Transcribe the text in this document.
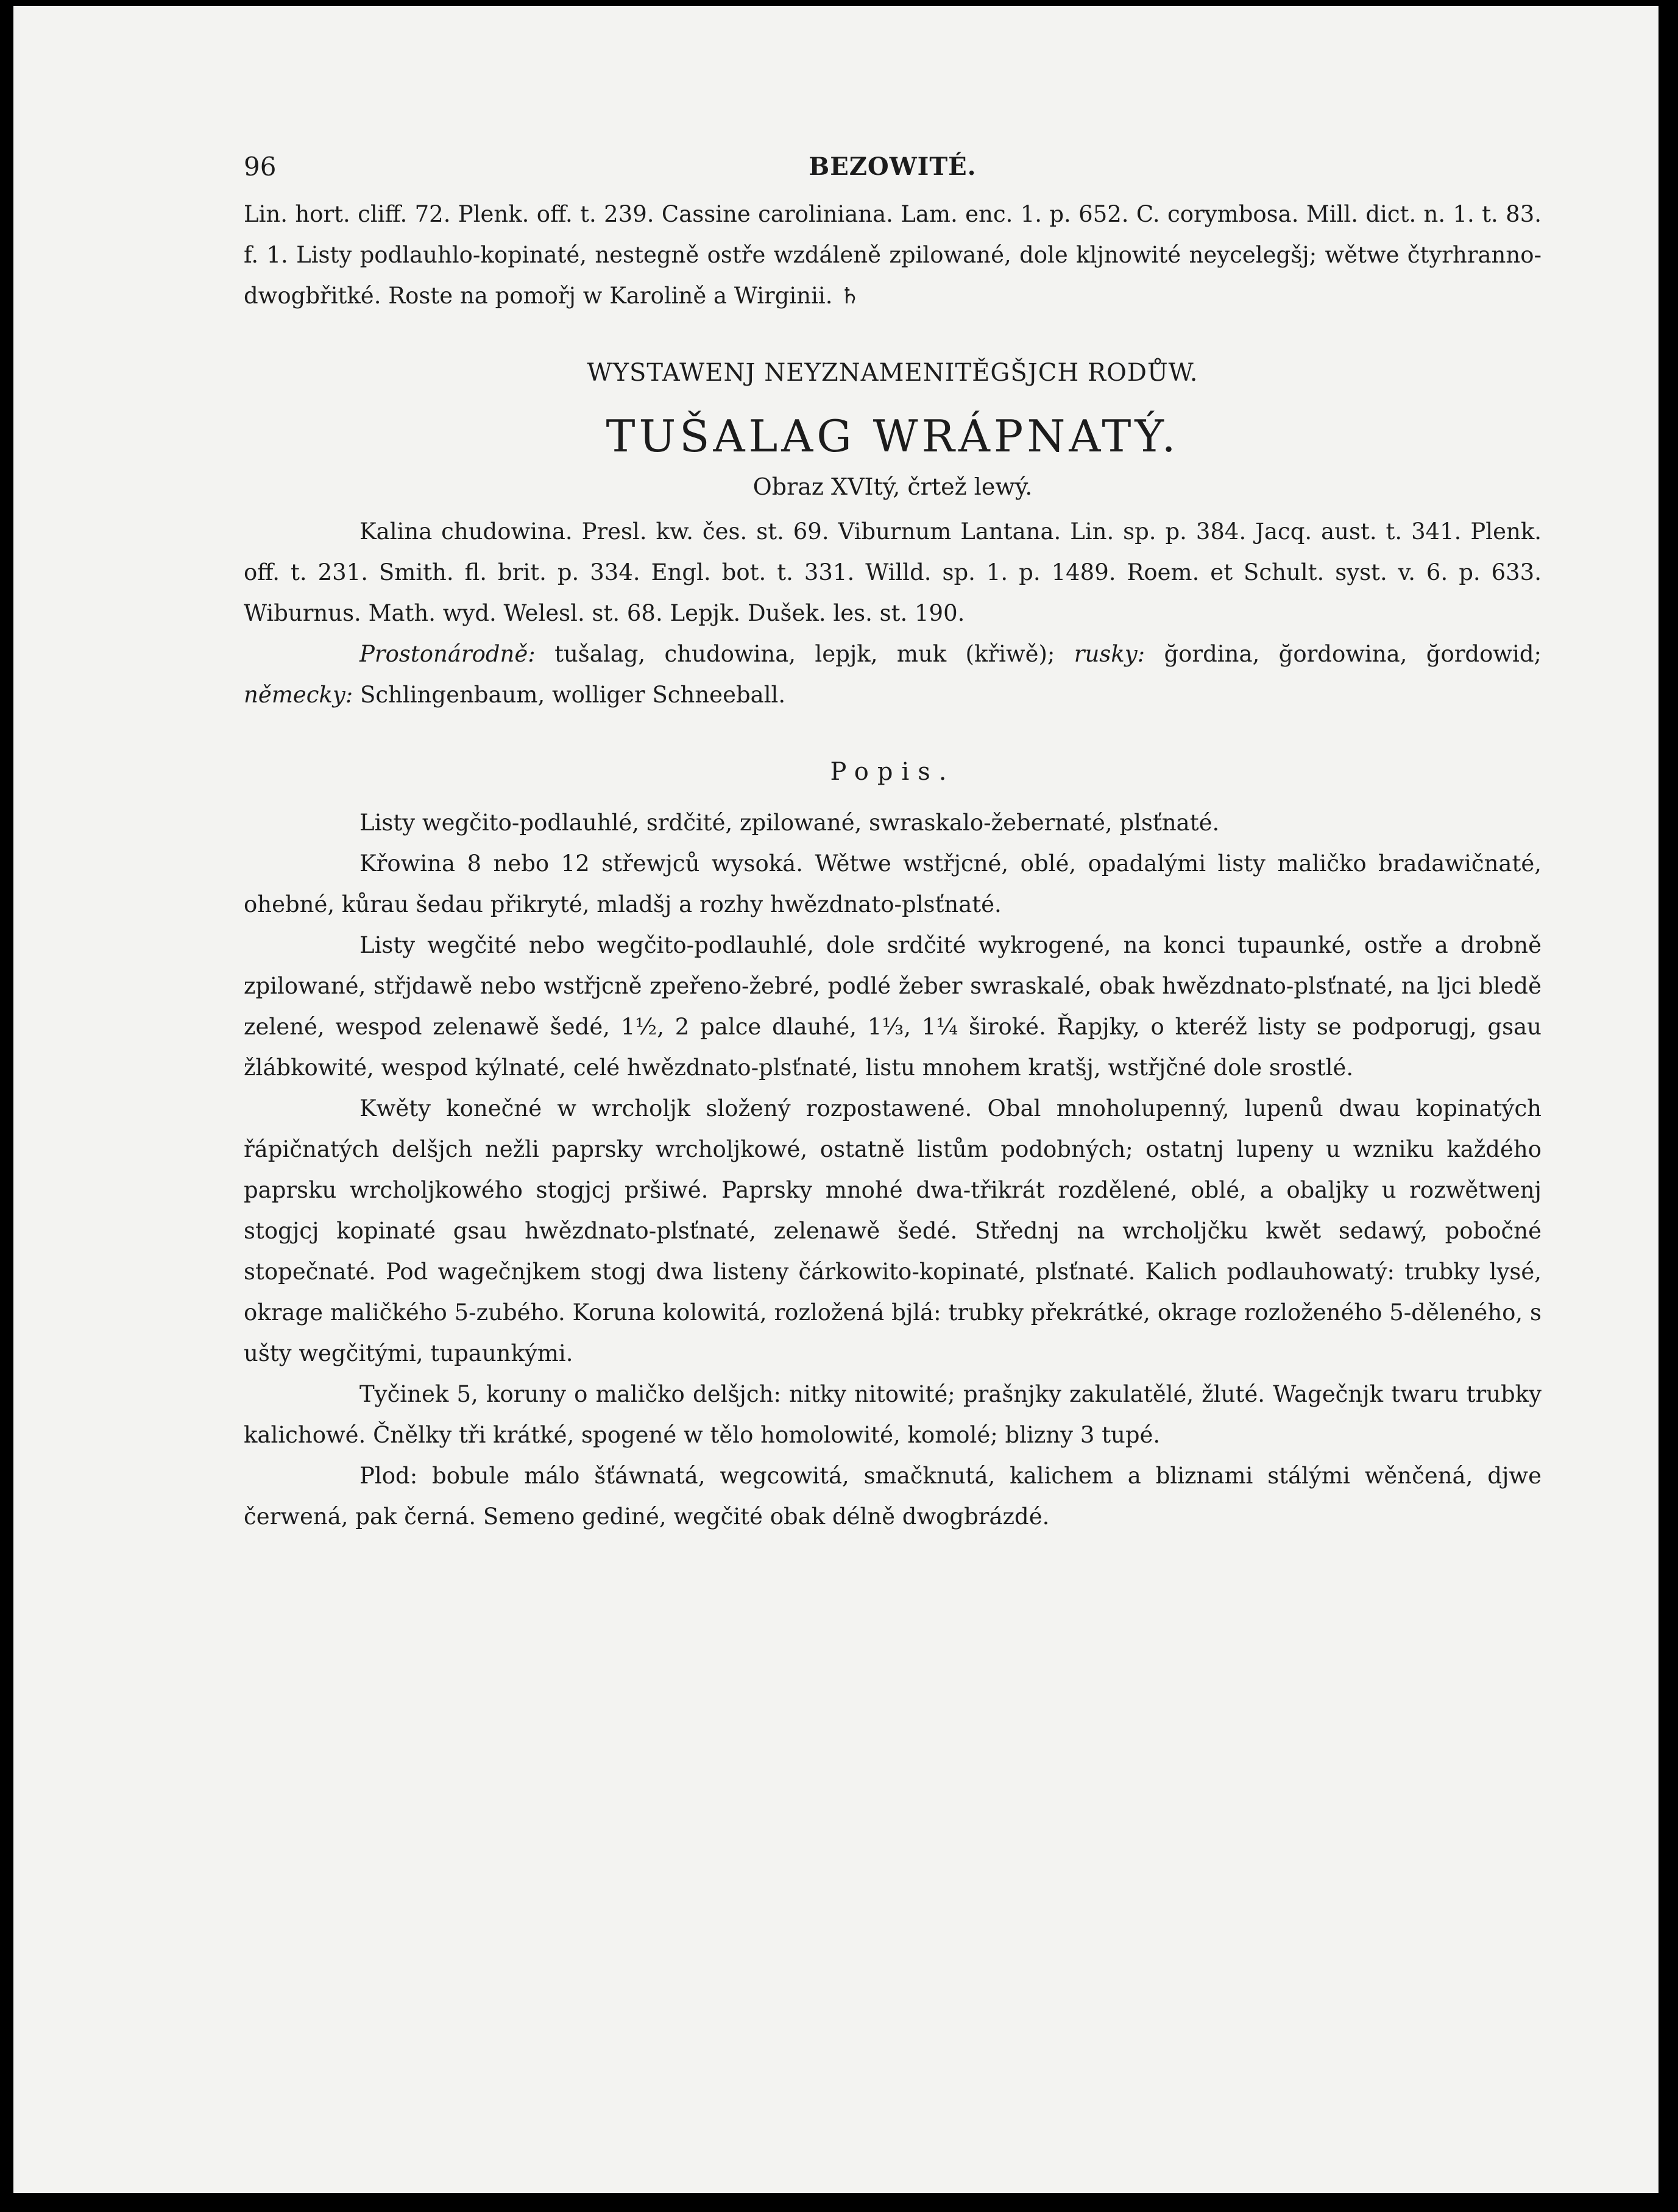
96	BEZOWITÉ.

Lin. hort. cliff. 72. Plenk. off. t. 239. Cassine caroliniana. Lam. enc. 1. p. 652. C. corymbosa. Mill. dict. n. 1. t. 83. f. 1. Listy podlauhlo-kopinaté, nestegně ostře wzdáleně zpilowané, dole kljnowité neycelegšj; wětwe čtyrhranno-dwogbřitké. Roste na pomořj w Karolině a Wirginii. ♄

WYSTAWENJ NEYZNAMENITĚGŠJCH RODŮW.
TUŠALAG WRÁPNATÝ.
Obraz XVItý, črtež lewý.

Kalina chudowina. Presl. kw. čes. st. 69. Viburnum Lantana. Lin. sp. p. 384. Jacq. aust. t. 341. Plenk. off. t. 231. Smith. fl. brit. p. 334. Engl. bot. t. 331. Willd. sp. 1. p. 1489. Roem. et Schult. syst. v. 6. p. 633. Wiburnus. Math. wyd. Welesl. st. 68. Lepjk. Dušek. les. st. 190.

Prostonárodně: tušalag, chudowina, lepjk, muk (křiwě); rusky: ğordina, ğordowina, ğordowid; německy: Schlingenbaum, wolliger Schneeball.

Popis.

Listy wegčito-podlauhlé, srdčité, zpilowané, swraskalo-žebernaté, plsťnaté.

Křowina 8 nebo 12 střewjců wysoká. Wětwe wstřjcné, oblé, opadalými listy maličko bradawičnaté, ohebné, kůrau šedau přikryté, mladšj a rozhy hwězdnato-plsťnaté.

Listy wegčité nebo wegčito-podlauhlé, dole srdčité wykrogené, na konci tupaunké, ostře a drobně zpilowané, střjdawě nebo wstřjcně zpeřeno-žebré, podlé žeber swraskalé, obak hwězdnato-plsťnaté, na ljci bledě zelené, wespod zelenawě šedé, 1½, 2 palce dlauhé, 1⅓, 1¼ široké. Řapjky, o kteréž listy se podporugj, gsau žlábkowité, wespod kýlnaté, celé hwězdnato-plsťnaté, listu mnohem kratšj, wstřjčné dole srostlé.

Kwěty konečné w wrcholjk složený rozpostawené. Obal mnoholupenný, lupenů dwau kopinatých řápičnatých delšjch nežli paprsky wrcholjkowé, ostatně listům podobných; ostatnj lupeny u wzniku každého paprsku wrcholjkowého stogjcj pršiwé. Paprsky mnohé dwa-třikrát rozdělené, oblé, a obaljky u rozwětwenj stogjcj kopinaté gsau hwězdnato-plsťnaté, zelenawě šedé. Střednj na wrcholjčku kwět sedawý, pobočné stopečnaté. Pod wagečnjkem stogj dwa listeny čárkowito-kopinaté, plsťnaté. Kalich podlauhowatý: trubky lysé, okrage maličkého 5-zubého. Koruna kolowitá, rozložená bjlá: trubky překrátké, okrage rozloženého 5-děleného, s ušty wegčitými, tupaunkými.

Tyčinek 5, koruny o maličko delšjch: nitky nitowité; prašnjky zakulatělé, žluté. Wagečnjk twaru trubky kalichowé. Čnělky tři krátké, spogené w tělo homolowité, komolé; blizny 3 tupé.

Plod: bobule málo šťáwnatá, wegcowitá, smačknutá, kalichem a bliznami stálými wěnčená, djwe čerwená, pak černá. Semeno gediné, wegčité obak délně dwogbrázdé.
